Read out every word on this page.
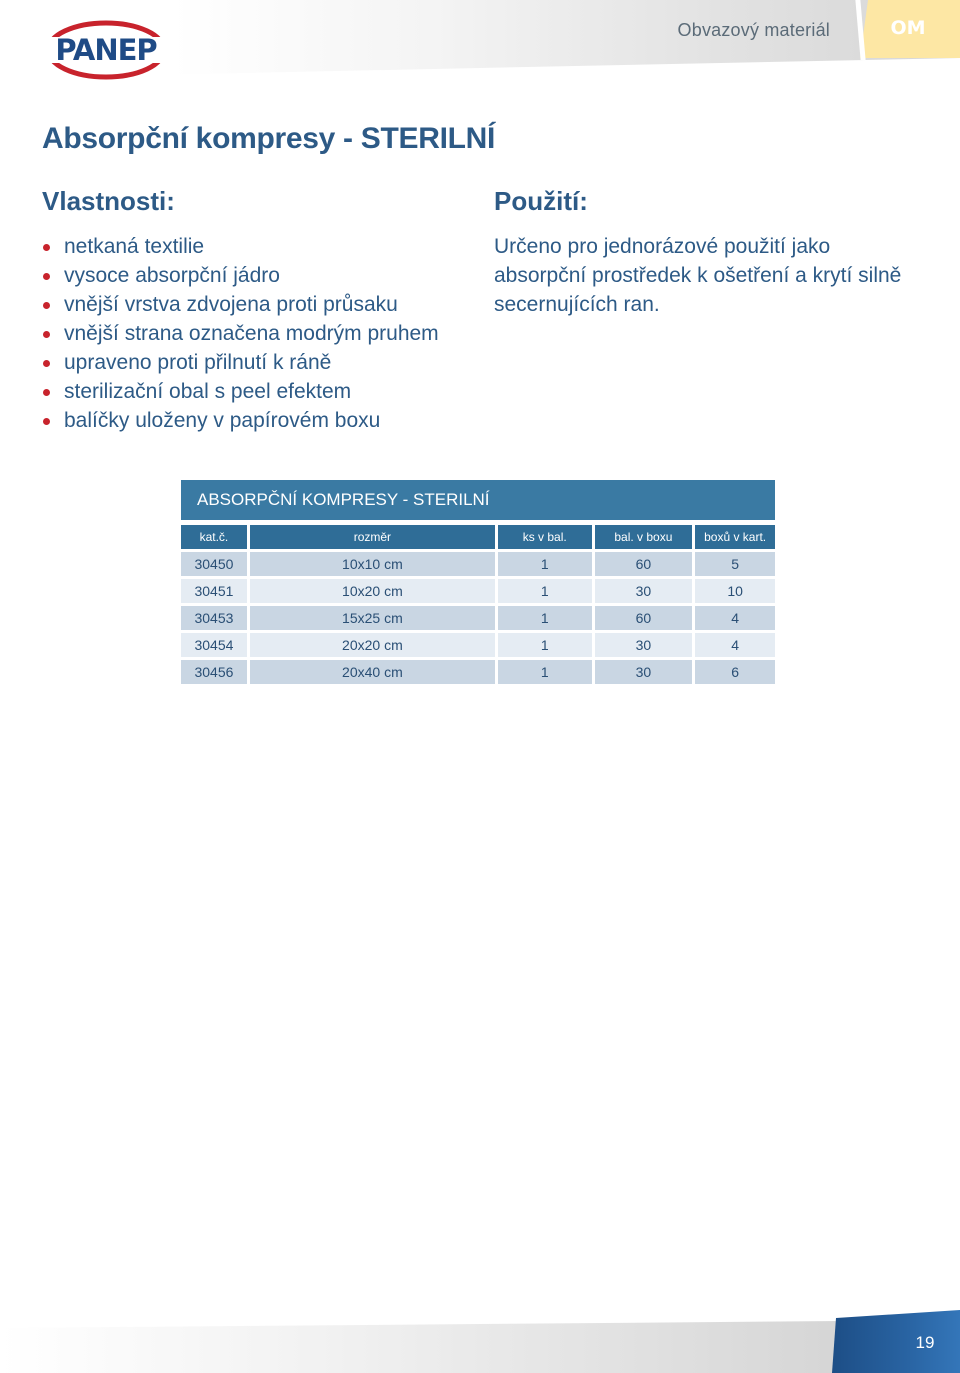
OM
Obvazový materiál
PANEP
Absorpční kompresy - STERILNÍ
Vlastnosti:
netkaná textilie
vysoce absorpční jádro
vnější vrstva zdvojena proti průsaku
vnější strana označena modrým pruhem
upraveno proti přilnutí k ráně
sterilizační obal s peel efektem
balíčky uloženy v papírovém boxu
Použití:

Určeno pro jednorázové použití jako absorpční prostředek k ošetření a krytí silně secernujících ran.

ABSORPČNÍ KOMPRESY - STERILNÍ
kat.č.	rozměr	ks v bal.	bal. v boxu	boxů v kart.
30450	10x10 cm	1	60	5
30451	10x20 cm	1	30	10
30453	15x25 cm	1	60	4
30454	20x20 cm	1	30	4
30456	20x40 cm	1	30	6
19
